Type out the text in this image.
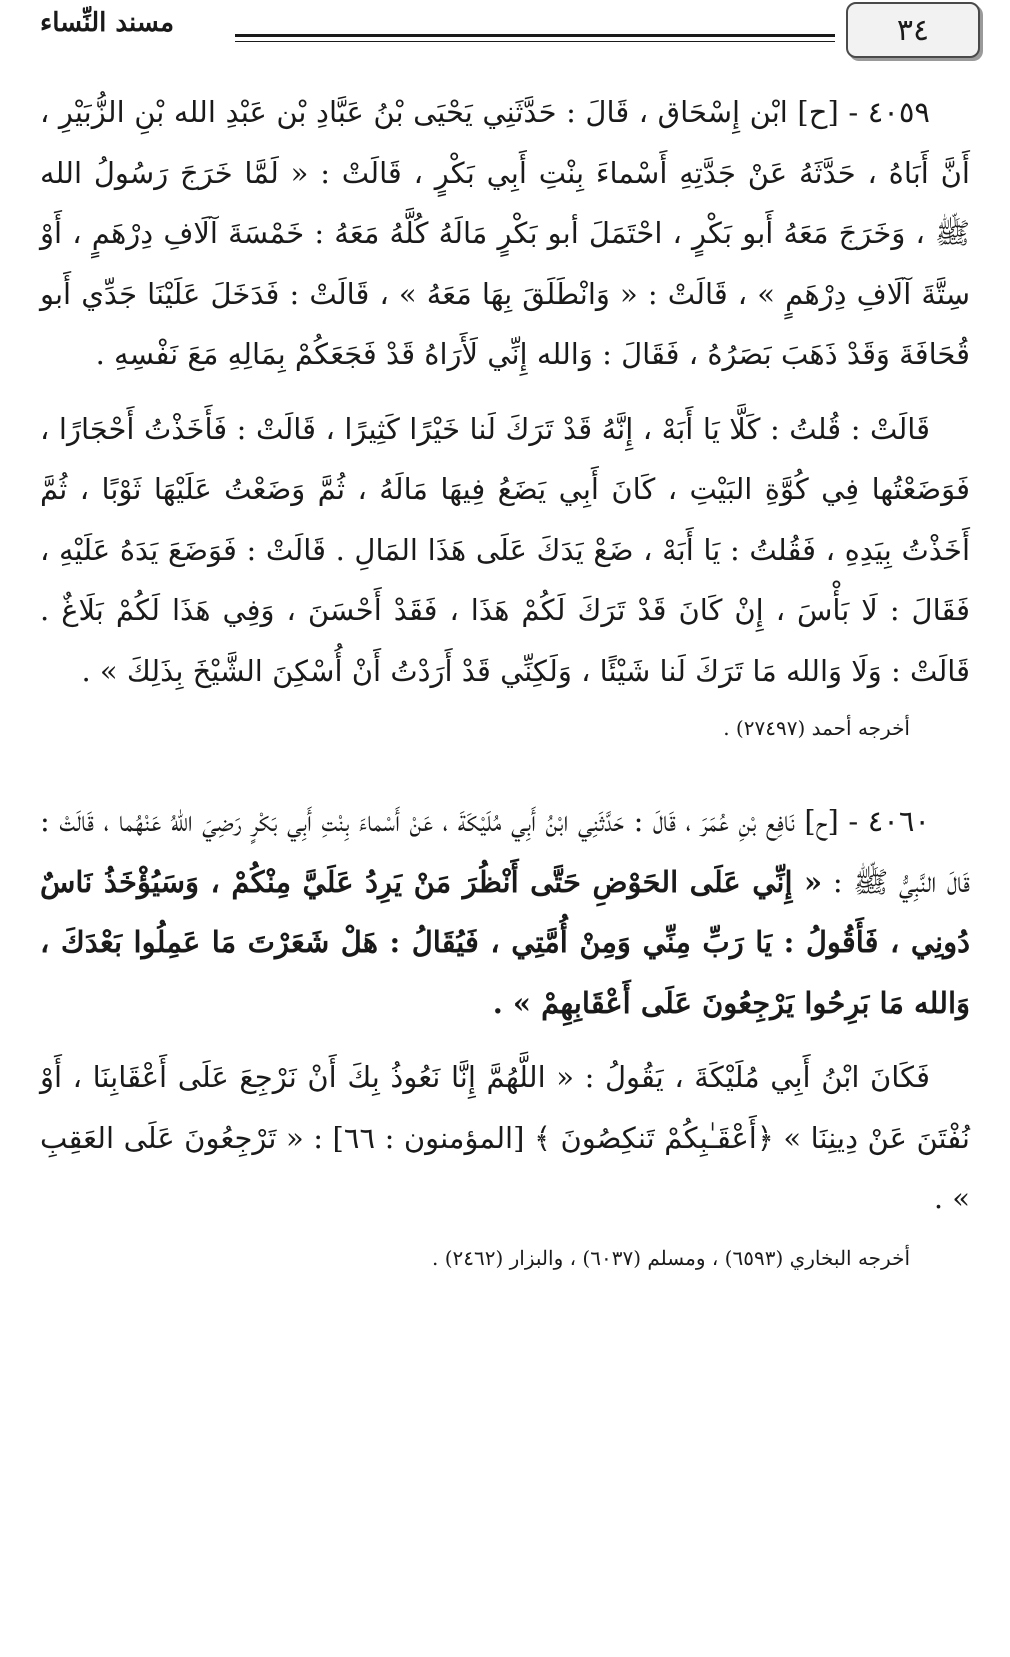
٣٤
مسند النِّساء

٤٠٥٩ - [ح] ابْن إِسْحَاق ، قَالَ : حَدَّثَنِي يَحْيَى بْنُ عَبَّادِ بْن عَبْدِ الله بْنِ الزُّبَيْرِ ، أَنَّ أَبَاهُ ، حَدَّثَهُ عَنْ جَدَّتِهِ أَسْماءَ بِنْتِ أَبِي بَكْرٍ ، قَالَتْ : « لَمَّا خَرَجَ رَسُولُ الله ﷺ ، وَخَرَجَ مَعَهُ أَبو بَكْرٍ ، احْتَمَلَ أبو بَكْرٍ مَالَهُ كُلَّهُ مَعَهُ : خَمْسَةَ آلَافِ دِرْهَمٍ ، أَوْ سِتَّةَ آلَافِ دِرْهَمٍ » ، قَالَتْ : « وَانْطَلَقَ بِهَا مَعَهُ » ، قَالَتْ : فَدَخَلَ عَلَيْنَا جَدِّي أَبو قُحَافَةَ وَقَدْ ذَهَبَ بَصَرُهُ ، فَقَالَ : وَالله إِنِّي لَأَرَاهُ قَدْ فَجَعَكُمْ بِمَالِهِ مَعَ نَفْسِهِ .

قَالَتْ : قُلتُ : كَلَّا يَا أَبَهْ ، إِنَّهُ قَدْ تَرَكَ لَنا خَيْرًا كَثِيرًا ، قَالَتْ : فَأَخَذْتُ أَحْجَارًا ، فَوَضَعْتُها فِي كُوَّةِ البَيْتِ ، كَانَ أَبِي يَضَعُ فِيهَا مَالَهُ ، ثُمَّ وَضَعْتُ عَلَيْهَا ثَوْبًا ، ثُمَّ أَخَذْتُ بِيَدِهِ ، فَقُلتُ : يَا أَبَهْ ، ضَعْ يَدَكَ عَلَى هَذَا المَالِ . قَالَتْ : فَوَضَعَ يَدَهُ عَلَيْهِ ، فَقَالَ : لَا بَأْسَ ، إِنْ كَانَ قَدْ تَرَكَ لَكُمْ هَذَا ، فَقَدْ أَحْسَنَ ، وَفِي هَذَا لَكُمْ بَلَاغٌ . قَالَتْ : وَلَا وَالله مَا تَرَكَ لَنا شَيْئًا ، وَلَكِنِّي قَدْ أَرَدْتُ أَنْ أُسْكِنَ الشَّيْخَ بِذَلِكَ » .

أخرجه أحمد (٢٧٤٩٧) .

٤٠٦٠ - [ح] نَافِع بْنِ عُمَرَ ، قَالَ : حَدَّثَنِي ابْنُ أَبِي مُلَيْكَةَ ، عَنْ أَسْماءَ بِنْتِ أَبِي بَكْرٍ رَضِيَ اللهُ عَنْهُما ، قَالَتْ : قَالَ النَّبِيُّ ﷺ : « إِنِّي عَلَى الحَوْضِ حَتَّى أَنْظُرَ مَنْ يَرِدُ عَلَيَّ مِنْكُمْ ، وَسَيُؤْخَذُ نَاسٌ دُونِي ، فَأَقُولُ : يَا رَبِّ مِنِّي وَمِنْ أُمَّتِي ، فَيُقَالُ : هَلْ شَعَرْتَ مَا عَمِلُوا بَعْدَكَ ، وَالله مَا بَرِحُوا يَرْجِعُونَ عَلَى أَعْقَابِهِمْ » .

فَكَانَ ابْنُ أَبِي مُلَيْكَةَ ، يَقُولُ : « اللَّهُمَّ إِنَّا نَعُوذُ بِكَ أَنْ نَرْجِعَ عَلَى أَعْقَابِنَا ، أَوْ نُفْتَنَ عَنْ دِينِنَا » ﴿أَعْقَـٰبِكُمْ تَنكِصُونَ ﴾ [المؤمنون : ٦٦] : « تَرْجِعُونَ عَلَى العَقِبِ » .

أخرجه البخاري (٦٥٩٣) ، ومسلم (٦٠٣٧) ، والبزار (٢٤٦٢) .
